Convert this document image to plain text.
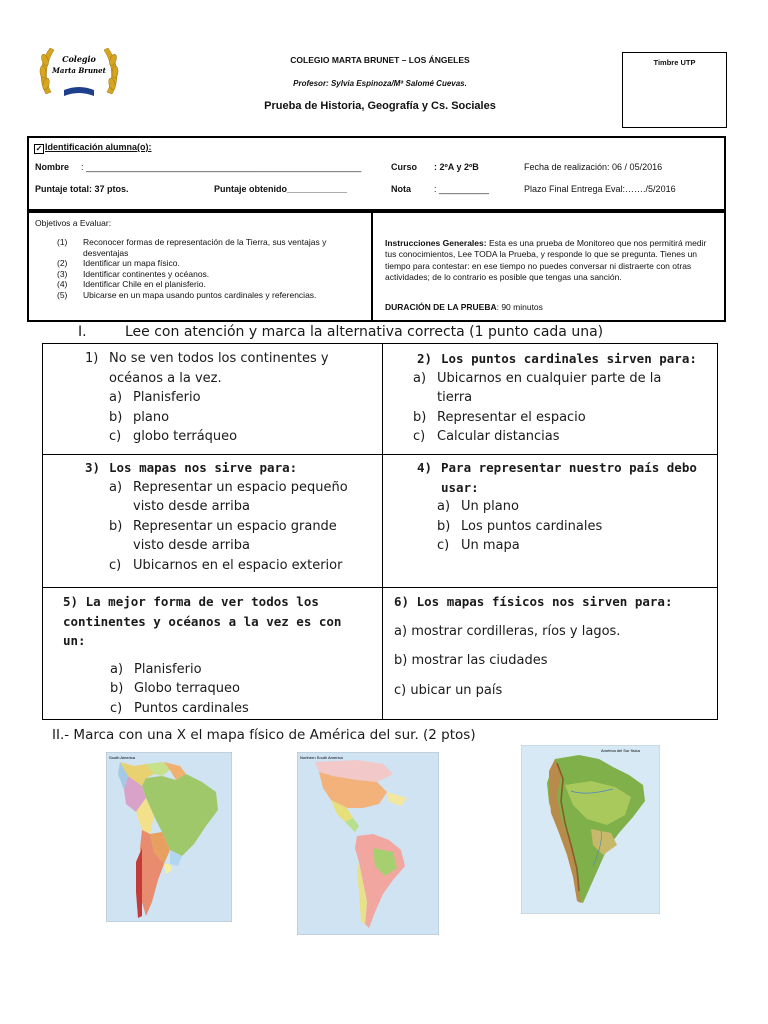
Colegio
Marta Brunet
COLEGIO MARTA BRUNET – LOS ÁNGELES
Profesor: Sylvia Espinoza/Mª Salomé Cuevas.
Prueba de Historia, Geografía y Cs. Sociales
Timbre UTP
✓ Identificación alumna(o):
Nombre : _______________________________________________________	Curso : 2ºA y 2ºB	Fecha de realización: 06 / 05/2016
Puntaje total: 37 ptos.	Puntaje obtenido____________	Nota	: __________	Plazo Final Entrega Eval:……./5/2016
Objetivos a Evaluar:
(1)	Reconocer formas de representación de la Tierra, sus ventajas y desventajas
(2)	Identificar un mapa físico.
(3)	Identificar continentes y océanos.
(4)	Identificar Chile en el planisferio.
(5)	Ubicarse en un mapa usando puntos cardinales y referencias.
Instrucciones Generales: Esta es una prueba de Monitoreo que nos permitirá medir tus conocimientos, Lee TODA la Prueba, y responde lo que se pregunta. Tienes un tiempo para contestar: en ese tiempo no puedes conversar ni distraerte con otras actividades; de lo contrario es posible que tengas una sanción.
DURACIÓN DE LA PRUEBA: 90 minutos
I.	Lee con atención y marca la alternativa correcta (1 punto cada una)
1) No se ven todos los continentes y
océanos a la vez.
a) Planisferio
b) plano
c) globo terráqueo
2) Los puntos cardinales sirven para:
a) Ubicarnos en cualquier parte de la
tierra
b) Representar el espacio
c) Calcular distancias
3) Los mapas nos sirve para:
a) Representar un espacio pequeño
visto desde arriba
b) Representar un espacio grande
visto desde arriba
c) Ubicarnos en el espacio exterior
4) Para representar nuestro país debo
usar:
a) Un plano
b) Los puntos cardinales
c) Un mapa
5) La mejor forma de ver todos los
continentes y océanos a la vez es con
un:
a) Planisferio
b) Globo terraqueo
c) Puntos cardinales
6) Los mapas físicos nos sirven para:
a) mostrar cordilleras, ríos y lagos.
b) mostrar las ciudades
c) ubicar un país
II.- Marca con una X el mapa físico de América del sur. (2 ptos)
South America	Northern South America
América del Sur física
